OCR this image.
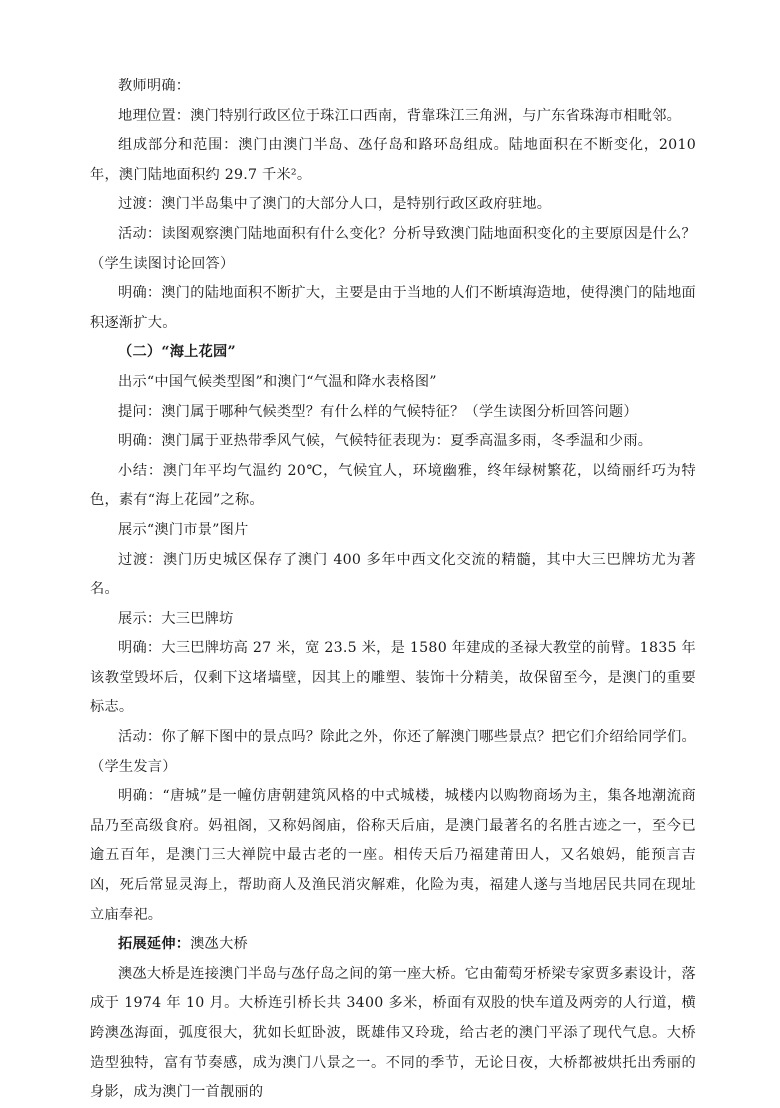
教师明确：

地理位置：澳门特别行政区位于珠江口西南，背靠珠江三角洲，与广东省珠海市相毗邻。

组成部分和范围：澳门由澳门半岛、氹仔岛和路环岛组成。陆地面积在不断变化，2010 年，澳门陆地面积约 29.7 千米²。

过渡：澳门半岛集中了澳门的大部分人口，是特别行政区政府驻地。

活动：读图观察澳门陆地面积有什么变化？分析导致澳门陆地面积变化的主要原因是什么？（学生读图讨论回答）

明确：澳门的陆地面积不断扩大，主要是由于当地的人们不断填海造地，使得澳门的陆地面积逐渐扩大。

（二）“海上花园”

出示“中国气候类型图”和澳门“气温和降水表格图”

提问：澳门属于哪种气候类型？有什么样的气候特征？（学生读图分析回答问题）

明确：澳门属于亚热带季风气候，气候特征表现为：夏季高温多雨，冬季温和少雨。

小结：澳门年平均气温约 20℃，气候宜人，环境幽雅，终年绿树繁花，以绮丽纤巧为特色，素有“海上花园”之称。

展示“澳门市景”图片

过渡：澳门历史城区保存了澳门 400 多年中西文化交流的精髓，其中大三巴牌坊尤为著名。

展示：大三巴牌坊

明确：大三巴牌坊高 27 米，宽 23.5 米，是 1580 年建成的圣禄大教堂的前臂。1835 年该教堂毁坏后，仅剩下这堵墙壁，因其上的雕塑、装饰十分精美，故保留至今，是澳门的重要标志。

活动：你了解下图中的景点吗？除此之外，你还了解澳门哪些景点？把它们介绍给同学们。（学生发言）

明确：“唐城”是一幢仿唐朝建筑风格的中式城楼，城楼内以购物商场为主，集各地潮流商品乃至高级食府。妈祖阁，又称妈阁庙，俗称天后庙，是澳门最著名的名胜古迹之一，至今已逾五百年，是澳门三大禅院中最古老的一座。相传天后乃福建莆田人，又名娘妈，能预言吉凶，死后常显灵海上，帮助商人及渔民消灾解难，化险为夷，福建人遂与当地居民共同在现址立庙奉祀。

拓展延伸：澳氹大桥

澳氹大桥是连接澳门半岛与氹仔岛之间的第一座大桥。它由葡萄牙桥梁专家贾多素设计，落成于 1974 年 10 月。大桥连引桥长共 3400 多米，桥面有双股的快车道及两旁的人行道，横跨澳氹海面，弧度很大，犹如长虹卧波，既雄伟又玲珑，给古老的澳门平添了现代气息。大桥造型独特，富有节奏感，成为澳门八景之一。不同的季节，无论日夜，大桥都被烘托出秀丽的身影，成为澳门一首靓丽的
